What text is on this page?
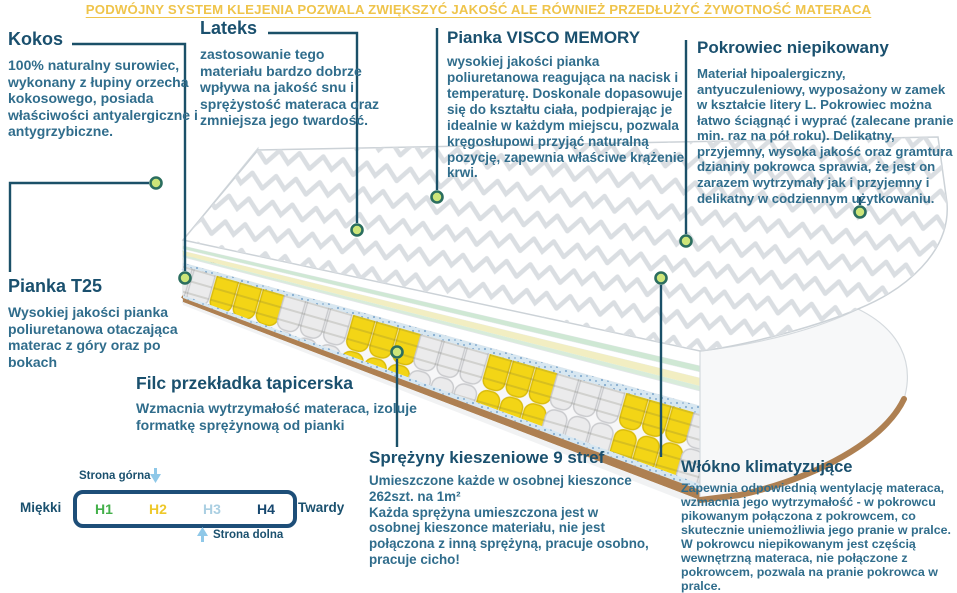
PODWÓJNY SYSTEM KLEJENIA POZWALA ZWIĘKSZYĆ JAKOŚĆ ALE RÓWNIEŻ PRZEDŁUŻYĆ ŻYWOTNOŚĆ MATERACA
Kokos
100% naturalny surowiec, wykonany z łupiny orzecha kokosowego, posiada właściwości antyalergiczne i antygrzybiczne.
Lateks
zastosowanie tego materiału bardzo dobrze wpływa na jakość snu i sprężystość materaca oraz zmniejsza jego twardość.
Pianka VISCO MEMORY
wysokiej jakości pianka poliuretanowa reagująca na nacisk i temperaturę. Doskonale dopasowuje się do kształtu ciała, podpierając je idealnie w każdym miejscu, pozwala kręgosłupowi przyjąć naturalną pozycję, zapewnia właściwe krążenie krwi.
Pokrowiec niepikowany
Materiał hipoalergiczny, antyuczuleniowy, wyposażony w zamek w kształcie litery L. Pokrowiec można łatwo ściągnąć i wyprać (zalecane pranie min. raz na pół roku). Delikatny, przyjemny, wysoka jakość oraz gramtura dzianiny pokrowca sprawia, że jest on zarazem wytrzymały jak i przyjemny i delikatny w codziennym użytkowaniu.
Pianka T25
Wysokiej jakości pianka poliuretanowa otaczająca materac z góry oraz po bokach
Filc przekładka tapicerska
Wzmacnia wytrzymałość materaca, izoluje formatkę sprężynową od pianki
Sprężyny kieszeniowe 9 stref

Umieszczone każde w osobnej kieszonce 262szt. na 1m²

Każda sprężyna umieszczona jest w osobnej kieszonce materiału, nie jest połączona z inną sprężyną, pracuje osobno, pracuje cicho!

Włókno klimatyzujące
Zapewnia odpowiednią wentylację materaca, wzmacnia jego wytrzymałość - w pokrowcu pikowanym połączona z pokrowcem, co skutecznie uniemożliwia jego pranie w pralce. W pokrowcu niepikowanym jest częścią wewnętrzną materaca, nie połączone z pokrowcem, pozwala na pranie pokrowca w pralce.
Miękki	H1	H2	H3	H4	Twardy
Strona górna
Strona dolna
